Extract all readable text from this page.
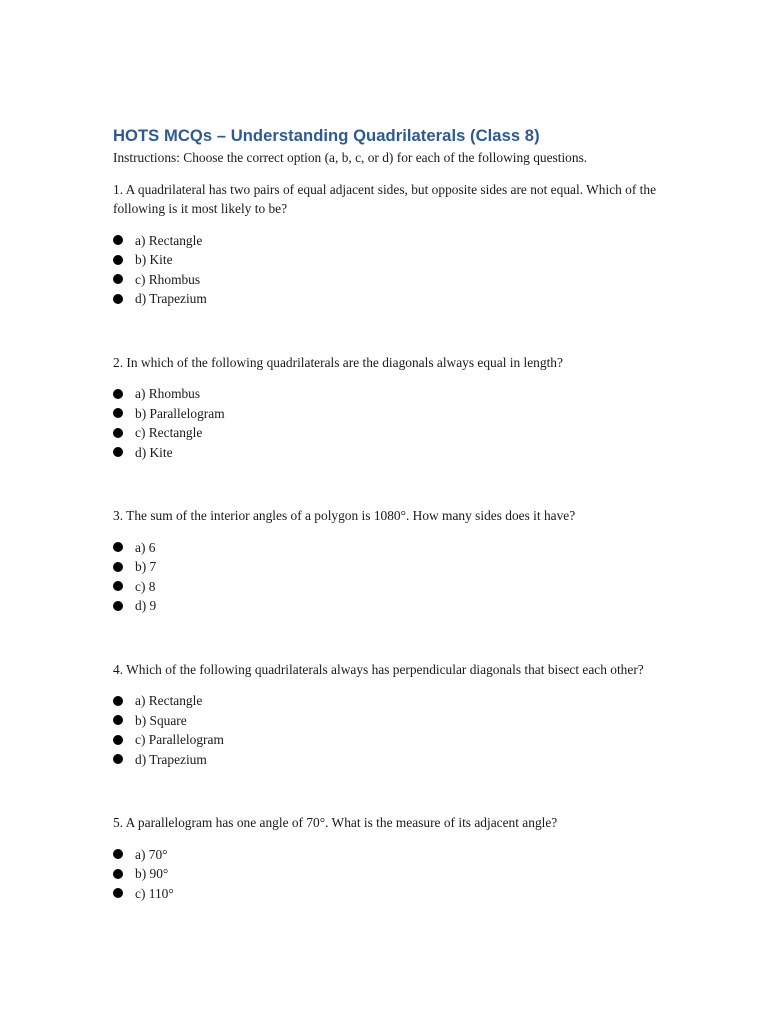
HOTS MCQs – Understanding Quadrilaterals (Class 8)

Instructions: Choose the correct option (a, b, c, or d) for each of the following questions.

1. A quadrilateral has two pairs of equal adjacent sides, but opposite sides are not equal. Which of the following is it most likely to be?

a) Rectangle
b) Kite
c) Rhombus
d) Trapezium

2. In which of the following quadrilaterals are the diagonals always equal in length?

a) Rhombus
b) Parallelogram
c) Rectangle
d) Kite

3. The sum of the interior angles of a polygon is 1080°. How many sides does it have?

a) 6
b) 7
c) 8
d) 9

4. Which of the following quadrilaterals always has perpendicular diagonals that bisect each other?

a) Rectangle
b) Square
c) Parallelogram
d) Trapezium

5. A parallelogram has one angle of 70°. What is the measure of its adjacent angle?

a) 70°
b) 90°
c) 110°
